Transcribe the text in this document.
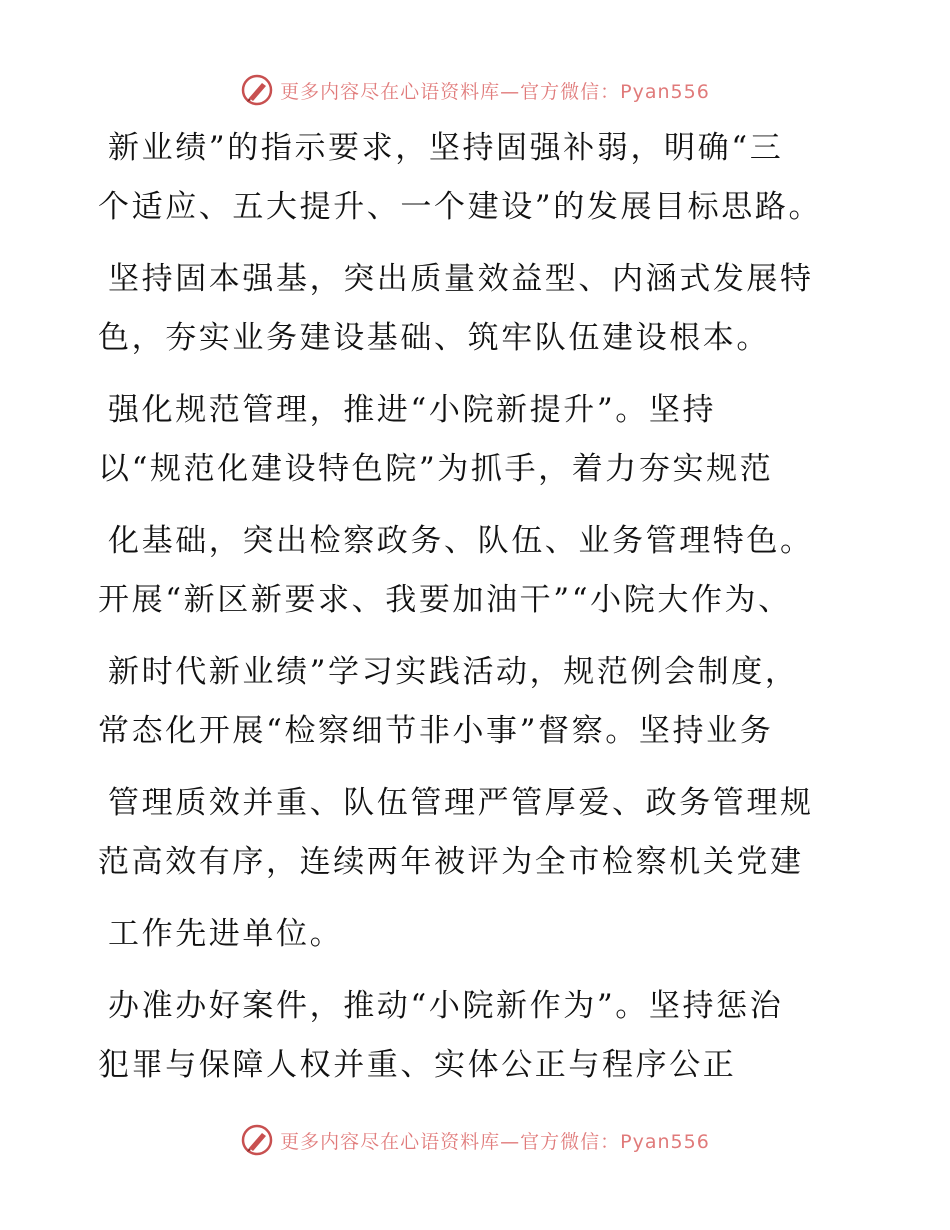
更多内容尽在心语资料库—官方微信：Pyan556
新业绩”的指示要求，坚持固强补弱，明确“三
个适应、五大提升、一个建设”的发展目标思路。
坚持固本强基，突出质量效益型、内涵式发展特
色，夯实业务建设基础、筑牢队伍建设根本。
强化规范管理，推进“小院新提升”。坚持
以“规范化建设特色院”为抓手，着力夯实规范
化基础，突出检察政务、队伍、业务管理特色。
开展“新区新要求、我要加油干”“小院大作为、
新时代新业绩”学习实践活动，规范例会制度，
常态化开展“检察细节非小事”督察。坚持业务
管理质效并重、队伍管理严管厚爱、政务管理规
范高效有序，连续两年被评为全市检察机关党建
工作先进单位。
办准办好案件，推动“小院新作为”。坚持惩治
犯罪与保障人权并重、实体公正与程序公正
更多内容尽在心语资料库—官方微信：Pyan556
